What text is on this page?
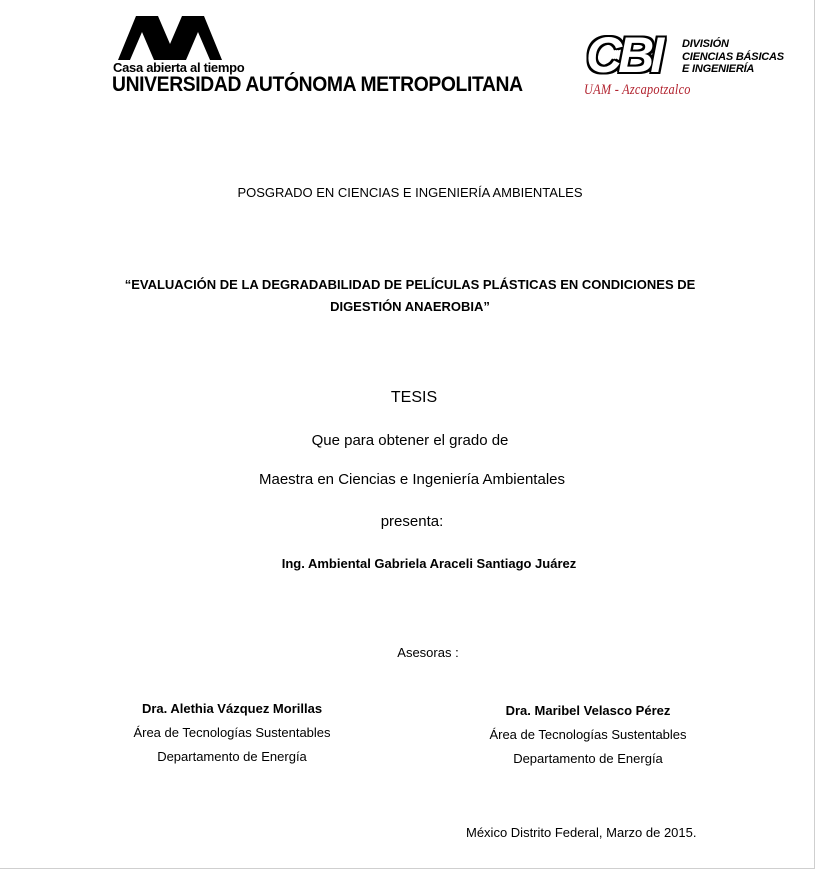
Casa abierta al tiempo
UNIVERSIDAD AUTÓNOMA METROPOLITANA
CBI DIVISIÓN
CIENCIAS BÁSICAS
E INGENIERÍA
UAM - Azcapotzalco
POSGRADO EN CIENCIAS E INGENIERÍA AMBIENTALES
“EVALUACIÓN DE LA DEGRADABILIDAD DE PELÍCULAS PLÁSTICAS EN CONDICIONES DE
DIGESTIÓN ANAEROBIA”
TESIS
Que para obtener el grado de
Maestra en Ciencias e Ingeniería Ambientales
presenta:
Ing. Ambiental Gabriela Araceli Santiago Juárez
Asesoras :
Dra. Alethia Vázquez Morillas
Área de Tecnologías Sustentables
Departamento de Energía
Dra. Maribel Velasco Pérez
Área de Tecnologías Sustentables
Departamento de Energía
México Distrito Federal, Marzo de 2015.
